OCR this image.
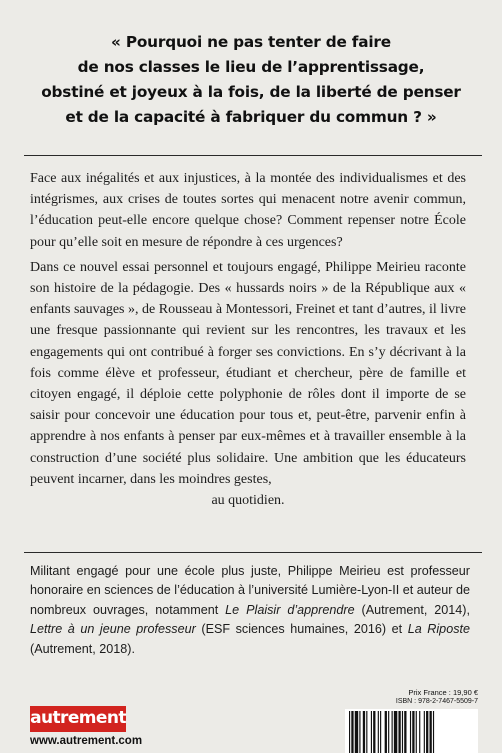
« Pourquoi ne pas tenter de faire
de nos classes le lieu de l’apprentissage,
obstiné et joyeux à la fois, de la liberté de penser
et de la capacité à fabriquer du commun ? »

Face aux inégalités et aux injustices, à la montée des individualismes et des intégrismes, aux crises de toutes sortes qui menacent notre avenir commun, l’éducation peut-elle encore quelque chose? Comment repenser notre École pour qu’elle soit en mesure de répondre à ces urgences?

Dans ce nouvel essai personnel et toujours engagé, Philippe Meirieu raconte son histoire de la pédagogie. Des « hussards noirs » de la République aux « enfants sauvages », de Rousseau à Montessori, Freinet et tant d’autres, il livre une fresque passionnante qui revient sur les rencontres, les travaux et les engagements qui ont contribué à forger ses convictions. En s’y décrivant à la fois comme élève et professeur, étudiant et chercheur, père de famille et citoyen engagé, il déploie cette polyphonie de rôles dont il importe de se saisir pour concevoir une éducation pour tous et, peut-être, parvenir enfin à apprendre à nos enfants à penser par eux-mêmes et à travailler ensemble à la construction d’une société plus solidaire. Une ambition que les éducateurs peuvent incarner, dans les moindres gestes,

au quotidien.

Militant engagé pour une école plus juste, Philippe Meirieu est professeur honoraire en sciences de l’éducation à l’université Lumière-Lyon-II et auteur de nombreux ouvrages, notamment Le Plaisir d’apprendre (Autrement, 2014), Lettre à un jeune professeur (ESF sciences humaines, 2016) et La Riposte (Autrement, 2018).

autrement
www.autrement.com
Prix France : 19,90 €
ISBN : 978-2-7467-5509-7
